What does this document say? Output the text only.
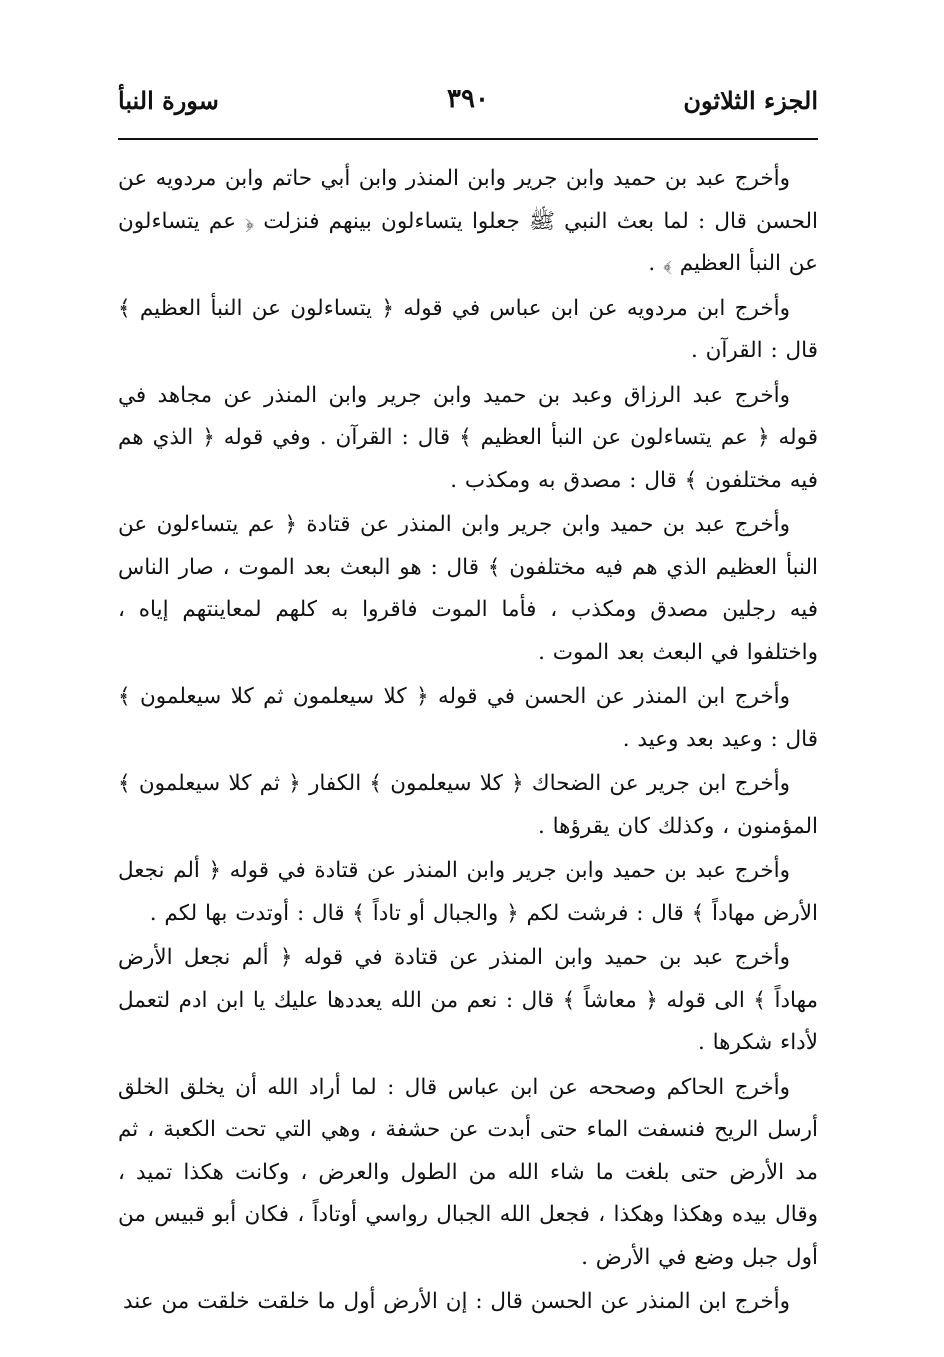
الجزء الثلاثون
٣٩٠
سورة النبأ

وأخرج عبد بن حميد وابن جرير وابن المنذر وابن أبي حاتم وابن مردويه عن الحسن قال : لما بعث النبي ﷺ جعلوا يتساءلون بينهم فنزلت ﴿ عم يتساءلون عن النبأ العظيم ﴾ .

وأخرج ابن مردويه عن ابن عباس في قوله ﴿ يتساءلون عن النبأ العظيم ﴾ قال : القرآن .

وأخرج عبد الرزاق وعبد بن حميد وابن جرير وابن المنذر عن مجاهد في قوله ﴿ عم يتساءلون عن النبأ العظيم ﴾ قال : القرآن . وفي قوله ﴿ الذي هم فيه مختلفون ﴾ قال : مصدق به ومكذب .

وأخرج عبد بن حميد وابن جرير وابن المنذر عن قتادة ﴿ عم يتساءلون عن النبأ العظيم الذي هم فيه مختلفون ﴾ قال : هو البعث بعد الموت ، صار الناس فيه رجلين مصدق ومكذب ، فأما الموت فاقروا به كلهم لمعاينتهم إياه ، واختلفوا في البعث بعد الموت .

وأخرج ابن المنذر عن الحسن في قوله ﴿ كلا سيعلمون ثم كلا سيعلمون ﴾ قال : وعيد بعد وعيد .

وأخرج ابن جرير عن الضحاك ﴿ كلا سيعلمون ﴾ الكفار ﴿ ثم كلا سيعلمون ﴾ المؤمنون ، وكذلك كان يقرؤها .

وأخرج عبد بن حميد وابن جرير وابن المنذر عن قتادة في قوله ﴿ ألم نجعل الأرض مهاداً ﴾ قال : فرشت لكم ﴿ والجبال أو تاداً ﴾ قال : أوتدت بها لكم .

وأخرج عبد بن حميد وابن المنذر عن قتادة في قوله ﴿ ألم نجعل الأرض مهاداً ﴾ الى قوله ﴿ معاشاً ﴾ قال : نعم من الله يعددها عليك يا ابن ادم لتعمل لأداء شكرها .

وأخرج الحاكم وصححه عن ابن عباس قال : لما أراد الله أن يخلق الخلق أرسل الريح فنسفت الماء حتى أبدت عن حشفة ، وهي التي تحت الكعبة ، ثم مد الأرض حتى بلغت ما شاء الله من الطول والعرض ، وكانت هكذا تميد ، وقال بيده وهكذا وهكذا ، فجعل الله الجبال رواسي أوتاداً ، فكان أبو قبيس من أول جبل وضع في الأرض .

وأخرج ابن المنذر عن الحسن قال : إن الأرض أول ما خلقت خلقت من عند
